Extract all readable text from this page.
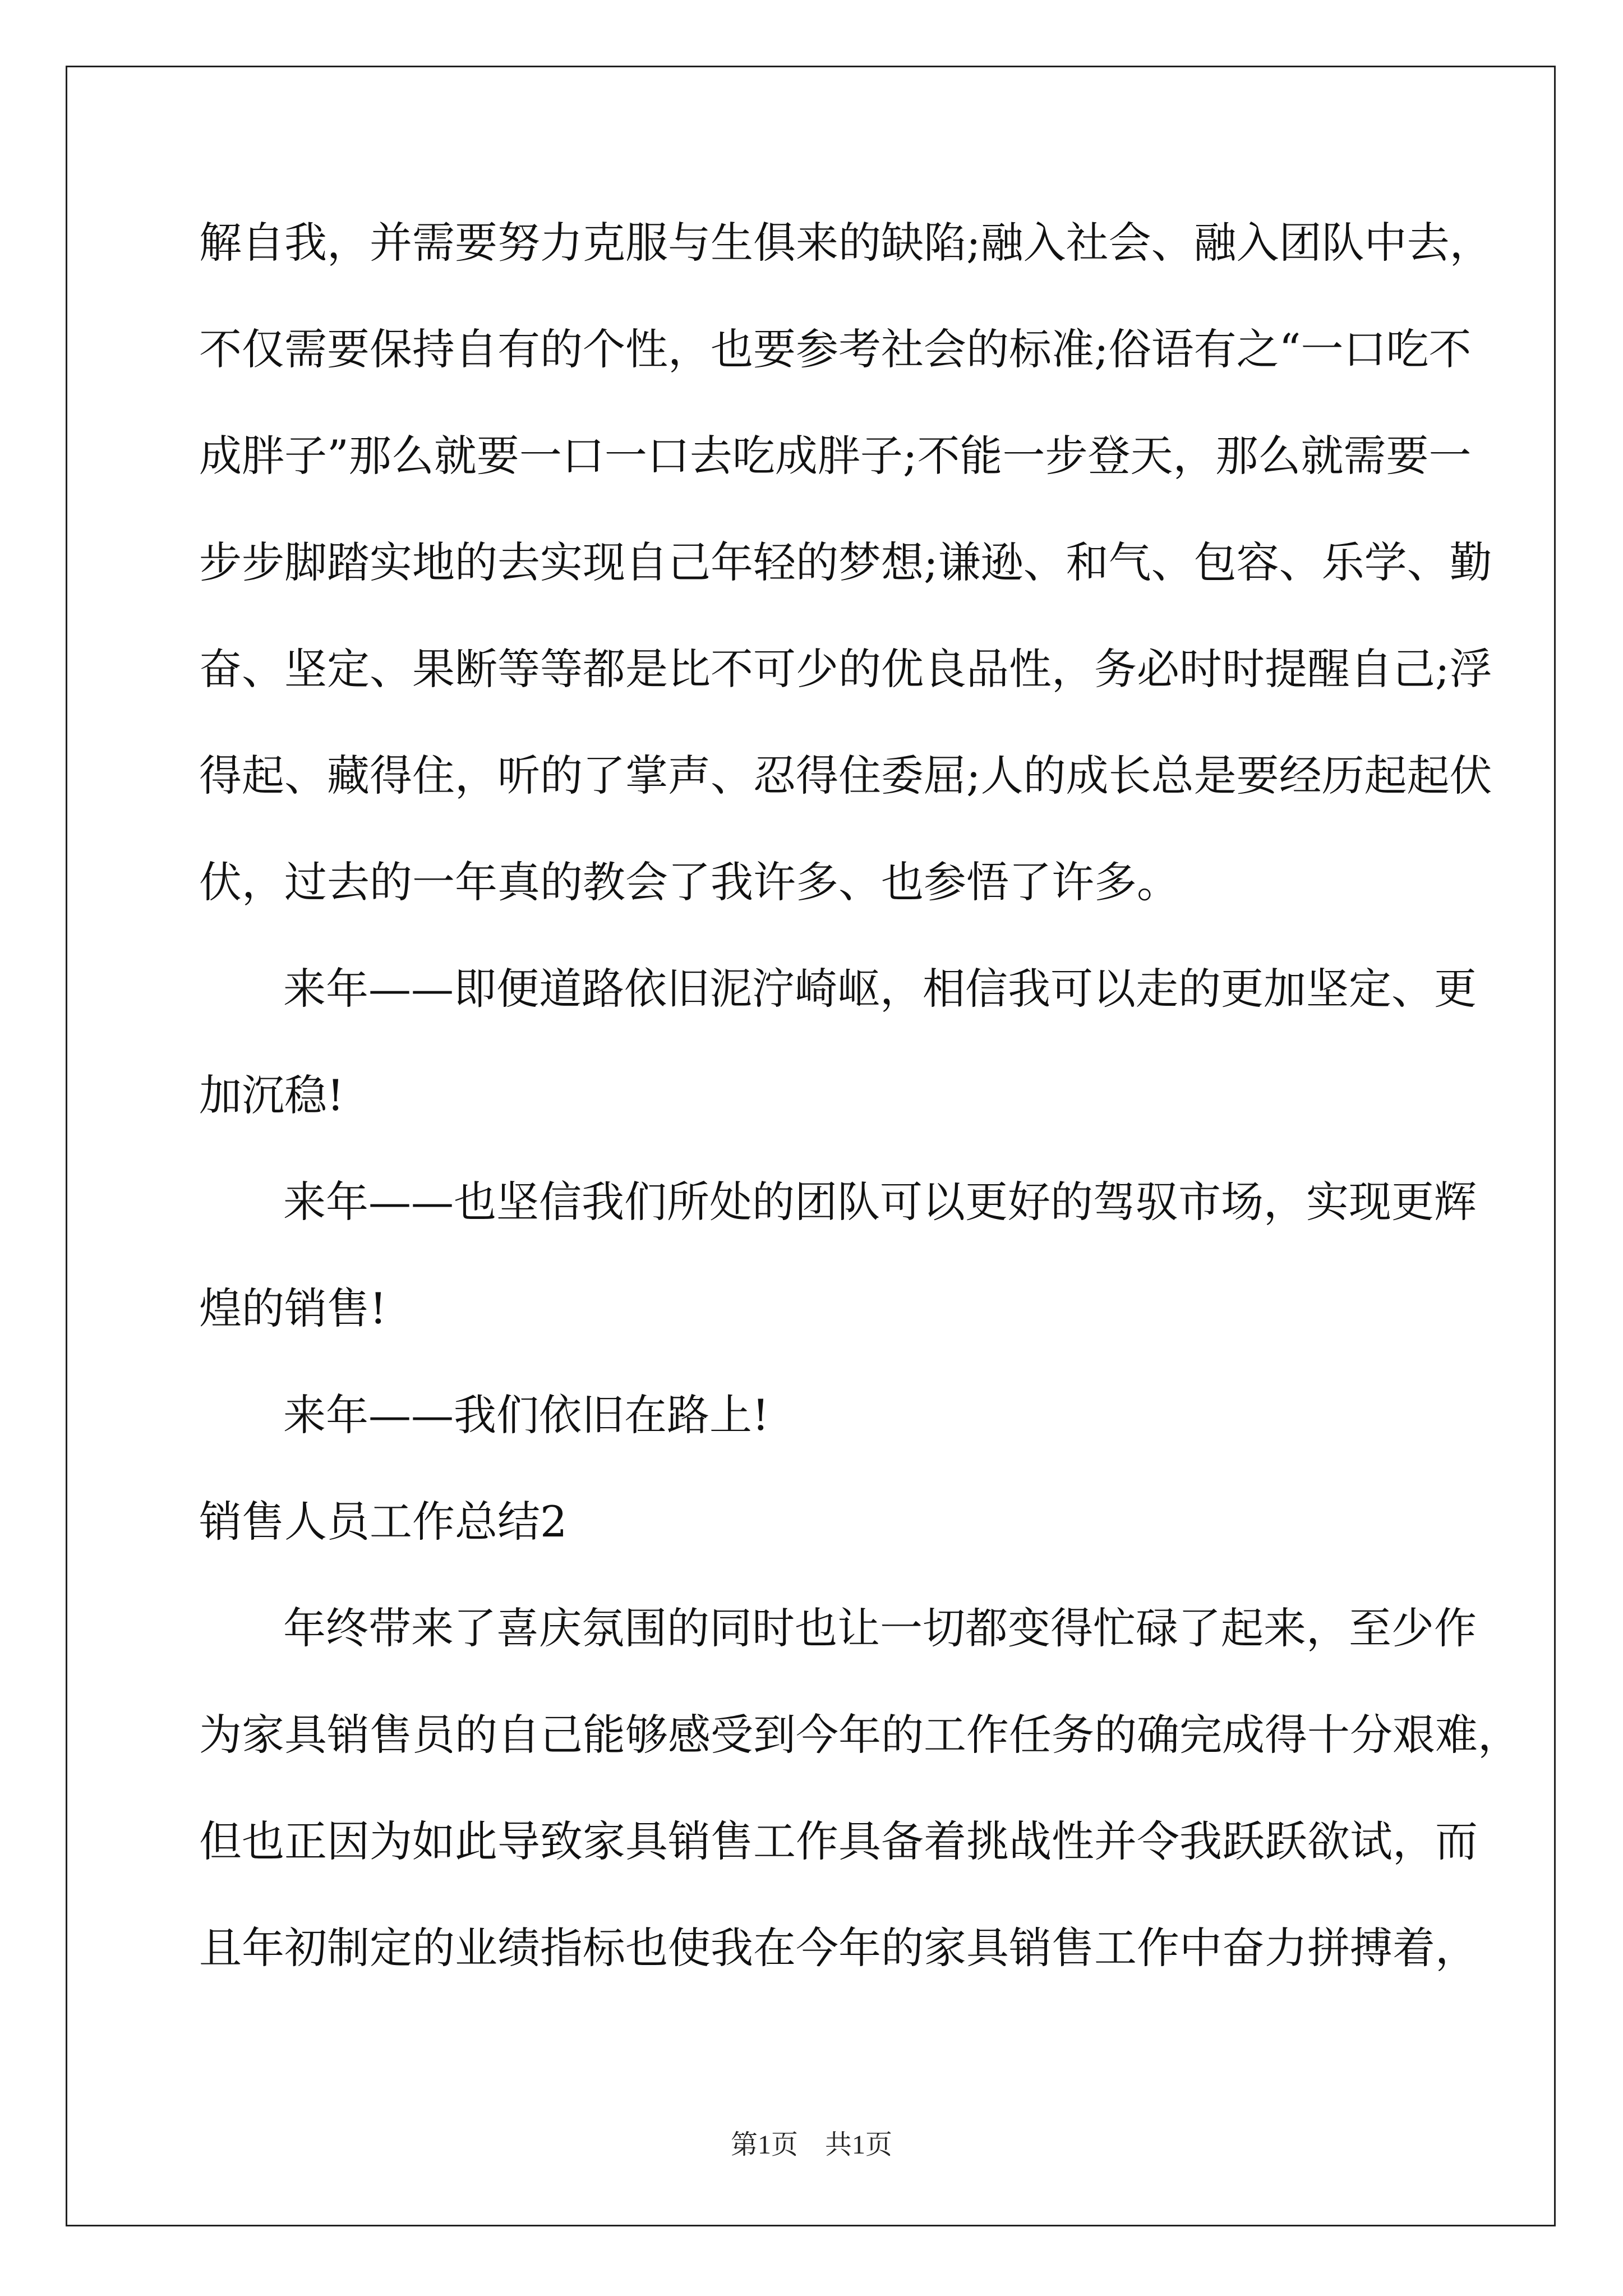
解自我，并需要努力克服与生俱来的缺陷;融入社会、融入团队中去，
不仅需要保持自有的个性，也要参考社会的标准;俗语有之“一口吃不
成胖子”那么就要一口一口去吃成胖子;不能一步登天，那么就需要一
步步脚踏实地的去实现自己年轻的梦想;谦逊、和气、包容、乐学、勤
奋、坚定、果断等等都是比不可少的优良品性，务必时时提醒自己;浮
得起、藏得住，听的了掌声、忍得住委屈;人的成长总是要经历起起伏
伏，过去的一年真的教会了我许多、也参悟了许多。
来年——即便道路依旧泥泞崎岖，相信我可以走的更加坚定、更
加沉稳!
来年——也坚信我们所处的团队可以更好的驾驭市场，实现更辉
煌的销售!
来年——我们依旧在路上!
销售人员工作总结2
年终带来了喜庆氛围的同时也让一切都变得忙碌了起来，至少作
为家具销售员的自己能够感受到今年的工作任务的确完成得十分艰难，
但也正因为如此导致家具销售工作具备着挑战性并令我跃跃欲试，而
且年初制定的业绩指标也使我在今年的家具销售工作中奋力拼搏着，
第1页　共1页
